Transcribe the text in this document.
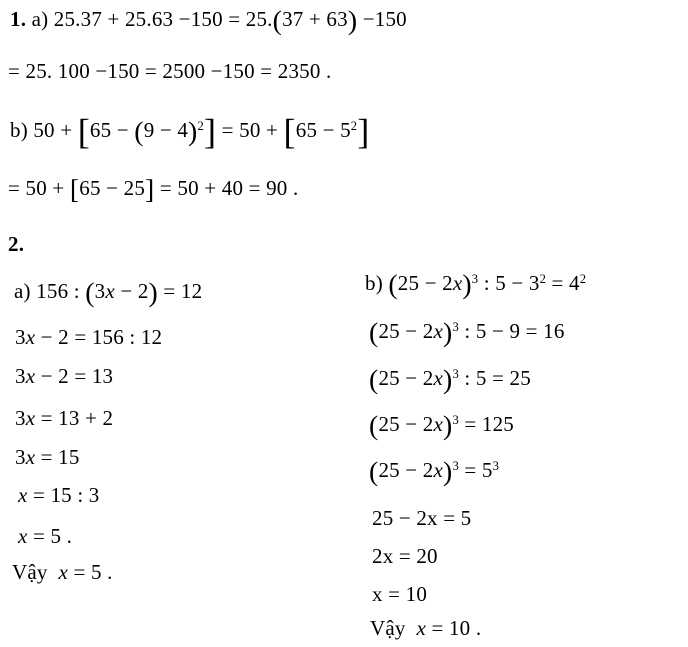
1. a) 25.37 + 25.63 −150 = 25.(37 + 63) −150
= 25. 100 −150 = 2500 −150 = 2350 .
b) $50 + [65 - (9 - 4)^2] = 50 + [65 - 5^2]$
= 50 + [65 − 25] = 50 + 40 = 90 .
2.
a) 156 : (3x − 2) = 12
3x − 2 = 156 : 12
3x − 2 = 13
3x = 13 + 2
3x = 15
x = 15 : 3
x = 5 .
Vậy  x = 5 .
b) $(25 - 2x)^3$ : $5 - 3^2 = 4^2$
$(25 - 2x)^3$ : 5 − 9 = 16
$(25 - 2x)^3$ : 5 = 25
$(25 - 2x)^3 = 125$
$(25 - 2x)^3 = 5^3$
25 − 2x = 5
2x = 20
x = 10
Vậy  x = 10 .
